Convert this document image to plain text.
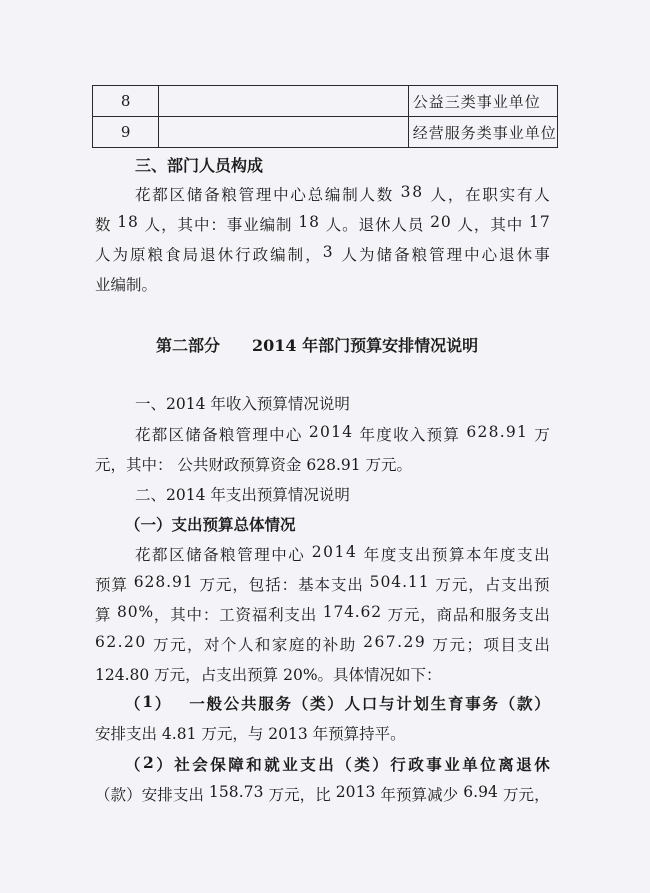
8		公益三类事业单位
9		经营服务类事业单位
三、部门人员构成
花 都 区 储 备 粮 管 理 中 心 总 编 制 人 数
3 8
人 ， 在 职 实 有 人
数
1 8
人 ， 其 中 ： 事 业 编 制
1 8
人 。 退 休 人 员
2 0
人 ， 其 中
1 7
人 为 原 粮 食 局 退 休 行 政 编 制 ， 3
人 为 储 备 粮 管 理 中 心 退 休 事
业编制。
第二部分 2014 年部门预算安排情况说明
一、2014 年收入预算情况说明
花 都 区 储 备 粮 管 理 中 心
2 0 1 4
年 度 收 入 预 算
6 2 8 . 9 1
万
元，其中： 公共财政预算资金 628.91 万元。
二、2014 年支出预算情况说明
（一）支出预算总体情况
花 都 区 储 备 粮 管 理 中 心
2 0 1 4
年 度 支 出 预 算 本 年 度 支 出
预 算
6 2 8 . 9 1
万 元 ， 包 括 ： 基 本 支 出
5 0 4 . 1 1
万 元 ， 占 支 出 预
算
8 0 % ， 其 中 ： 工 资 福 利 支 出
1 7 4 . 6 2
万 元 ， 商 品 和 服 务 支 出
6 2 . 2 0
万 元 ， 对 个 人 和 家 庭 的 补 助
2 6 7 . 2 9
万 元 ； 项 目 支 出
124.80 万元，占支出预算 20%。具体情况如下：
（ 1 ）
　 一 般 公 共 服 务 （ 类 ） 人 口 与 计 划 生 育 事 务 （ 款 ）
安排支出 4.81 万元，与 2013 年预算持平。
（ 2 ） 社 会 保 障 和 就 业 支 出 （ 类 ） 行 政 事 业 单 位 离 退 休
（ 款 ） 安 排 支 出
1 5 8 . 7 3
万 元 ， 比
2 0 1 3
年 预 算 减 少
6 . 9 4
万 元 ，
